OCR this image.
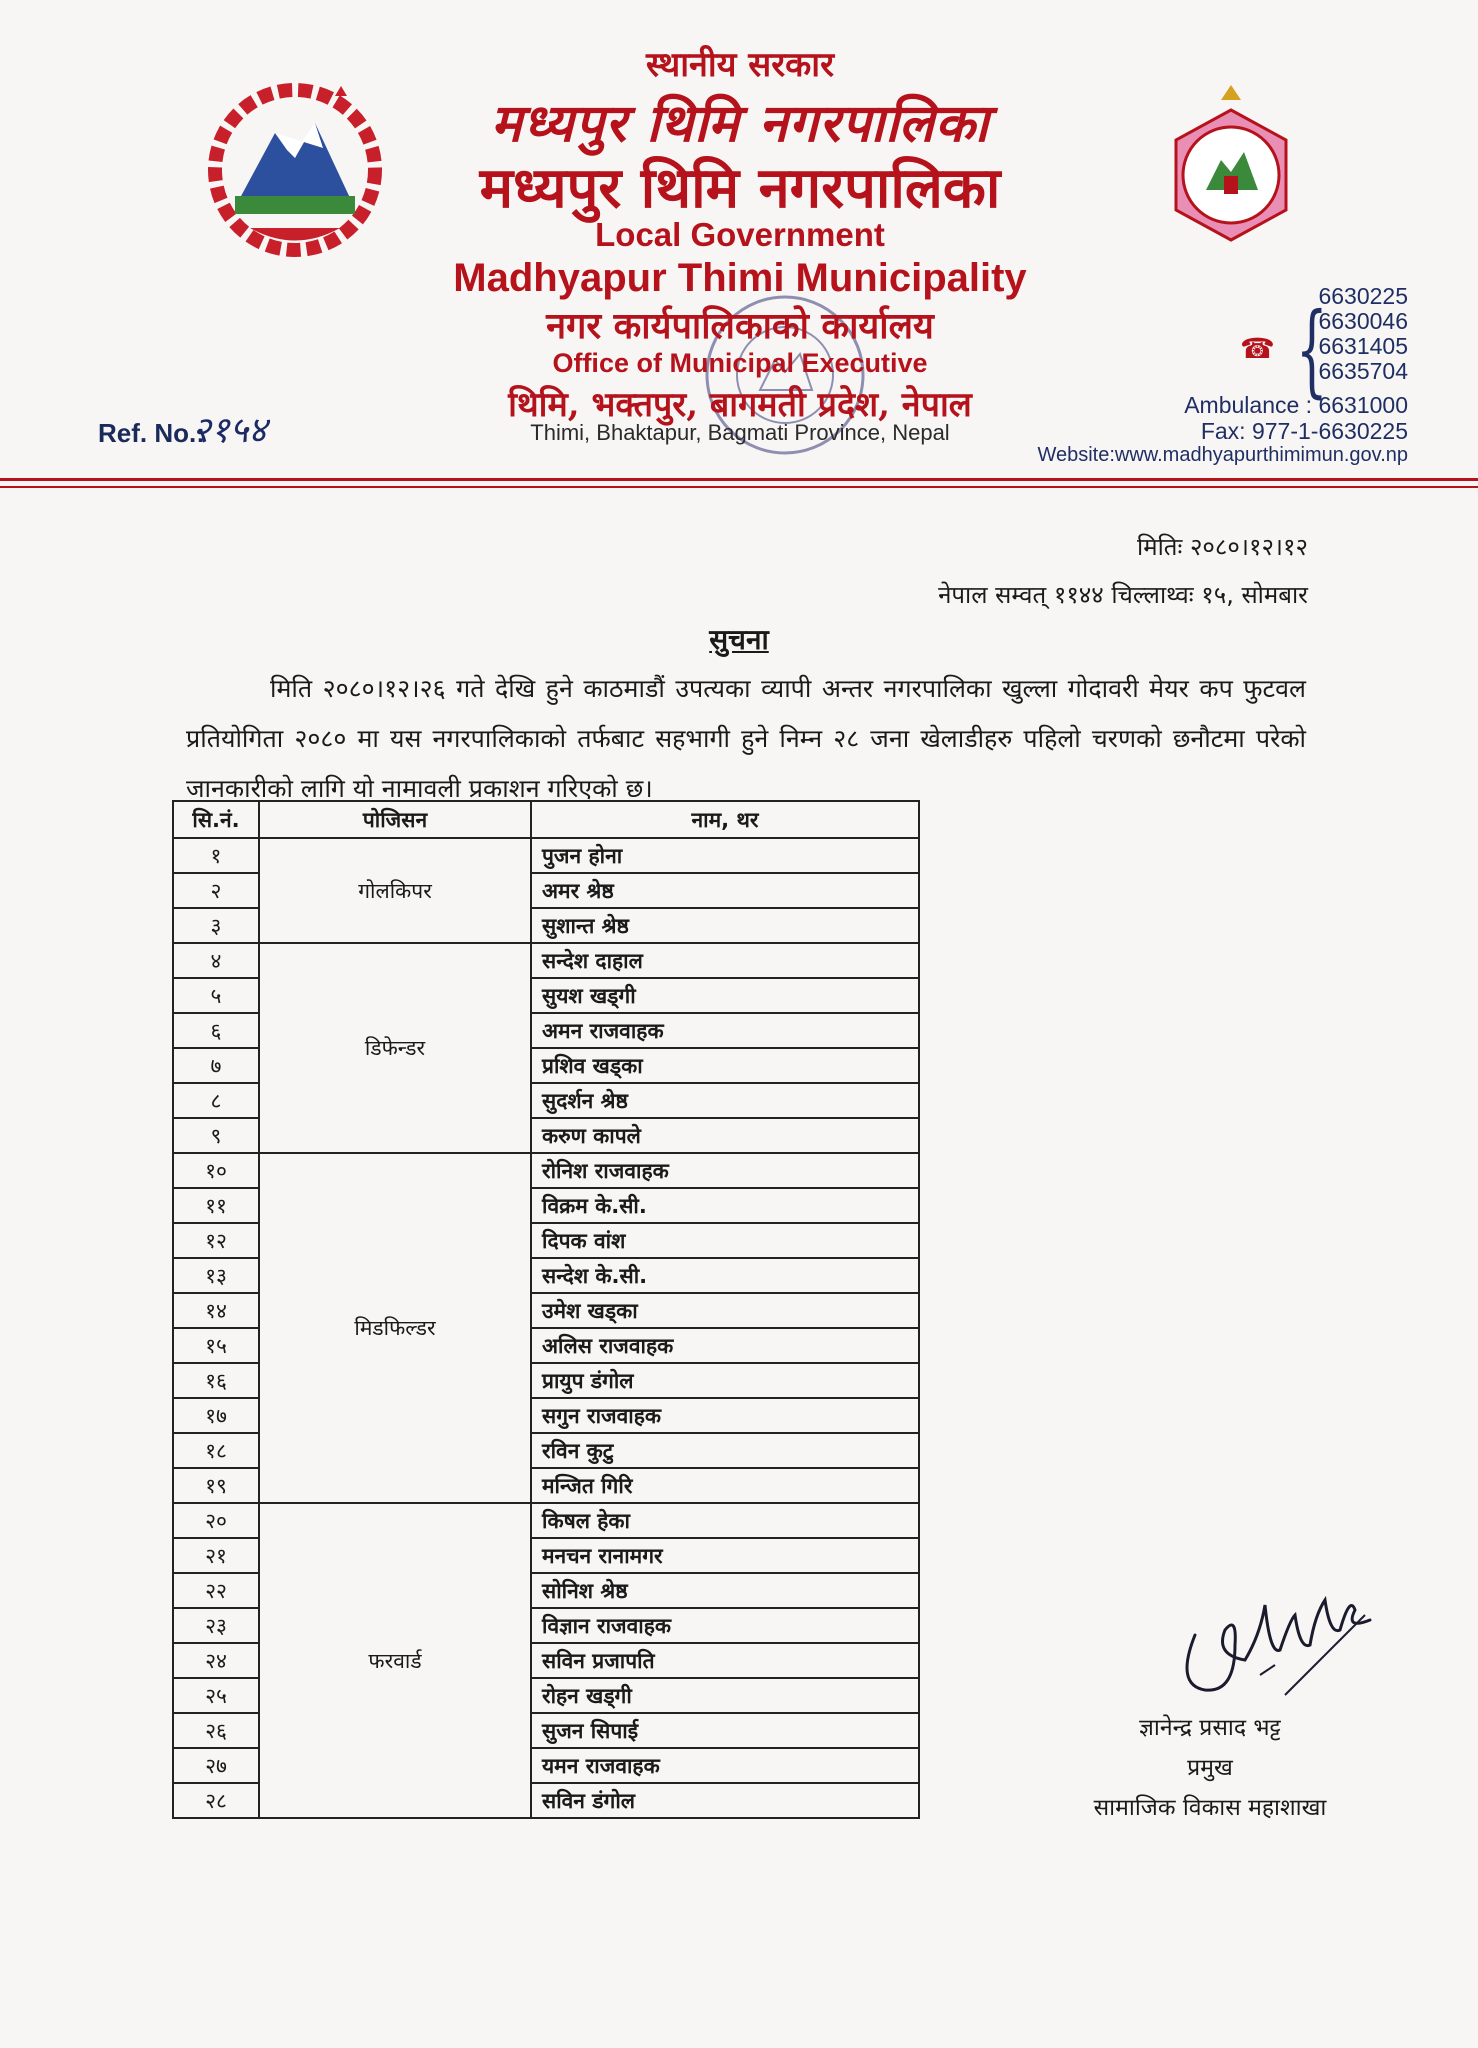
स्थानीय सरकार
मध्यपुर थिमि नगरपालिका
मध्यपुर थिमि नगरपालिका
Local Government
Madhyapur Thimi Municipality
नगर कार्यपालिकाको कार्यालय
Office of Municipal Executive
थिमि, भक्तपुर, बागमती प्रदेश, नेपाल
Thimi, Bhaktapur, Bagmati Province, Nepal
Ref. No.:
२१५४
☎ {
6630225
6630046
6631405
6635704
Ambulance : 6631000
Fax: 977-1-6630225
Website:www.madhyapurthimimun.gov.np
मितिः २०८०।१२।१२
नेपाल सम्वत् ११४४ चिल्लाथ्वः १५, सोमबार
सुचना
मिति २०८०।१२।२६ गते देखि हुने काठमाडौं उपत्यका व्यापी अन्तर नगरपालिका खुल्ला गोदावरी मेयर कप फुटवल प्रतियोगिता २०८० मा यस नगरपालिकाको तर्फबाट सहभागी हुने निम्न २८ जना खेलाडीहरु पहिलो चरणको छनौटमा परेको जानकारीको लागि यो नामावली प्रकाशन गरिएको छ।
सि.नं.	पोजिसन	नाम, थर
१	गोलकिपर	पुजन होना
२		अमर श्रेष्ठ
३		सुशान्त श्रेष्ठ
४	डिफेन्डर	सन्देश दाहाल
५		सुयश खड्गी
६		अमन राजवाहक
७		प्रशिव खड्का
८		सुदर्शन श्रेष्ठ
९		करुण कापले
१०	मिडफिल्डर	रोनिश राजवाहक
११		विक्रम के.सी.
१२		दिपक वांश
१३		सन्देश के.सी.
१४		उमेश खड्का
१५		अलिस राजवाहक
१६		प्रायुप डंगोल
१७		सगुन राजवाहक
१८		रविन कुटु
१९		मन्जित गिरि
२०	फरवार्ड	किषल हेका
२१		मनचन रानामगर
२२		सोनिश श्रेष्ठ
२३		विज्ञान राजवाहक
२४		सविन प्रजापति
२५		रोहन खड्गी
२६		सुजन सिपाई
२७		यमन राजवाहक
२८		सविन डंगोल
ज्ञानेन्द्र प्रसाद भट्ट
प्रमुख
सामाजिक विकास महाशाखा
